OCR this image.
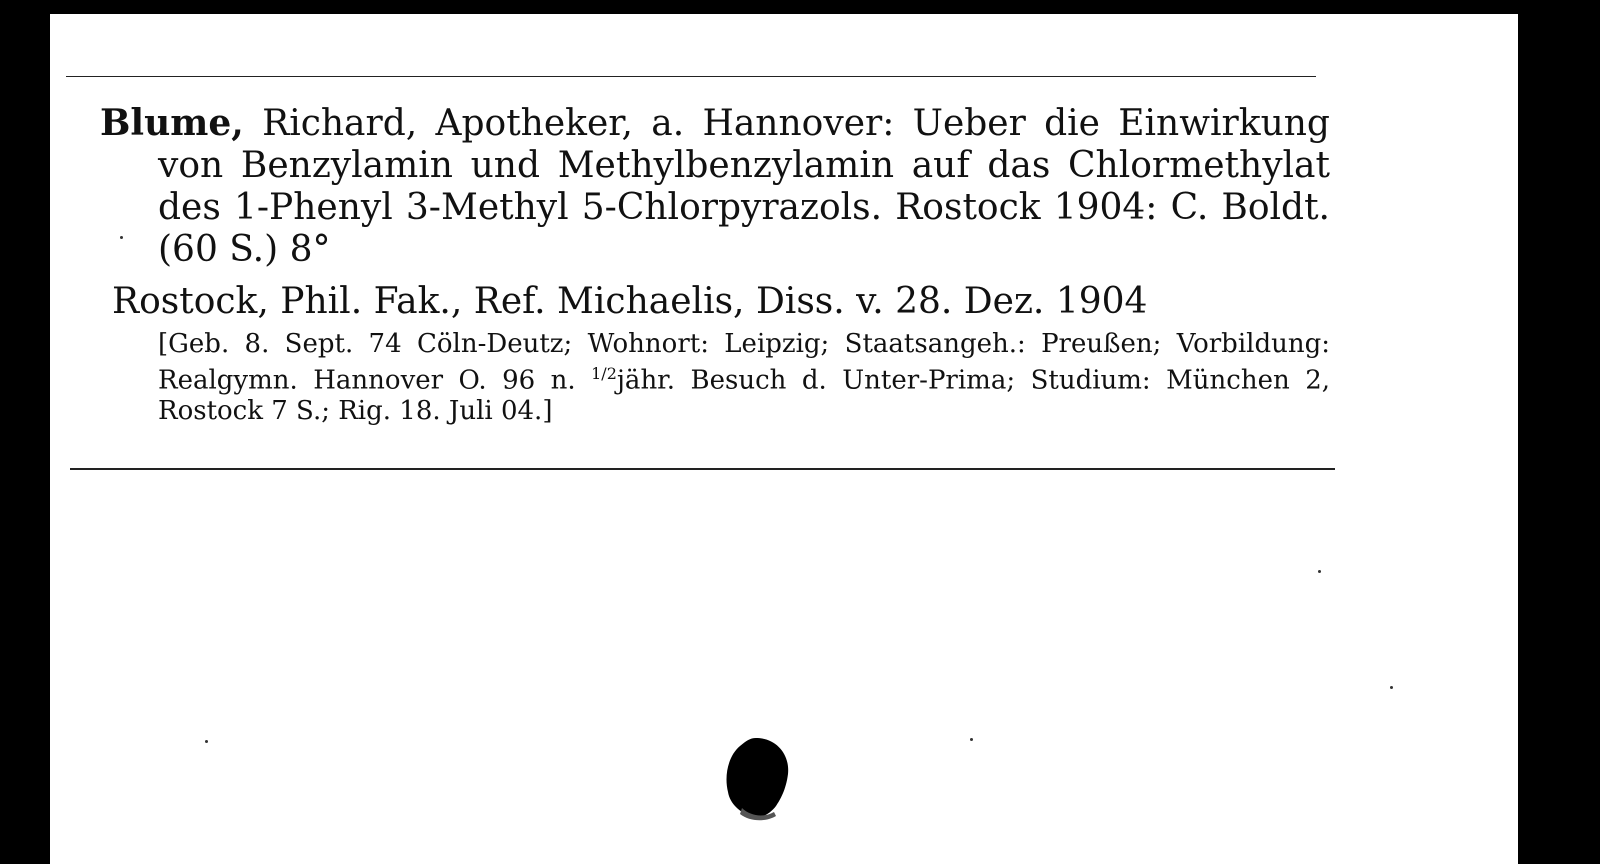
Blume, Richard, Apotheker, a. Hannover: Ueber die Einwirkung von Benzylamin und Methylbenzylamin auf das Chlormethylat des 1-Phenyl 3-Methyl 5-Chlorpyrazols. Rostock 1904: C. Boldt. (60 S.) 8°
Rostock, Phil. Fak., Ref. Michaelis, Diss. v. 28. Dez. 1904
[Geb. 8. Sept. 74 Cöln-Deutz; Wohnort: Leipzig; Staatsangeh.: Preußen; Vorbildung: Realgymn. Hannover O. 96 n. $^{1/2}$jähr. Besuch d. Unter-Prima; Studium: München 2, Rostock 7 S.; Rig. 18. Juli 04.]
